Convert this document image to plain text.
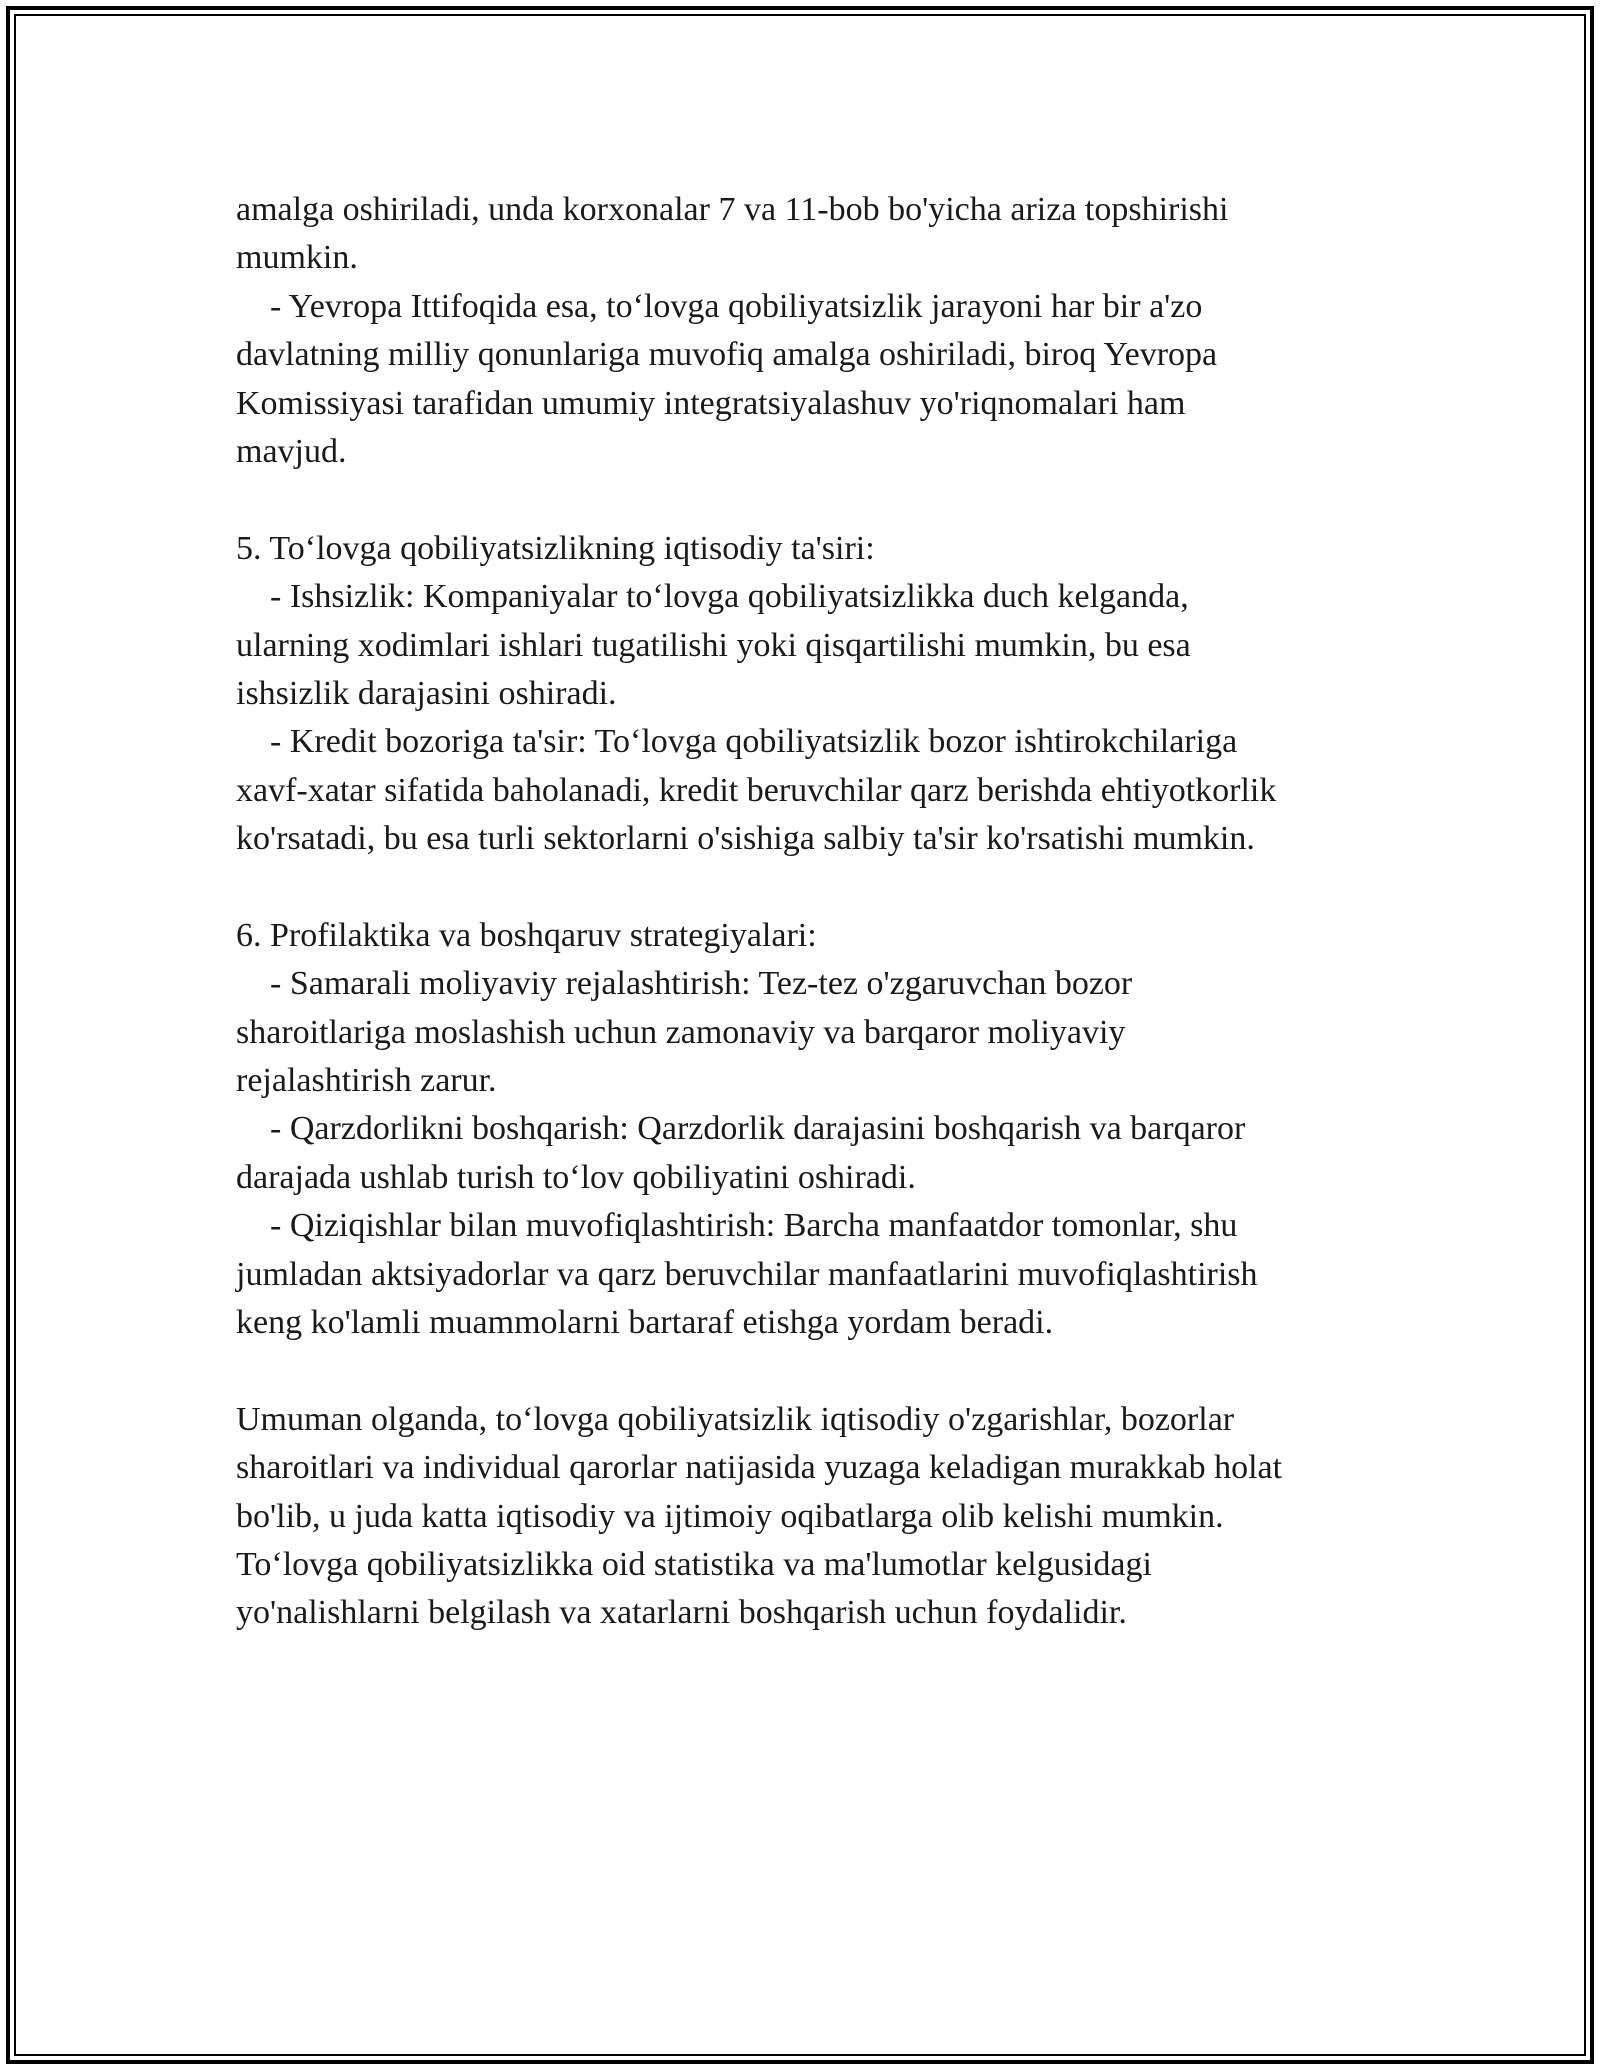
amalga oshiriladi, unda korxonalar 7 va 11-bob bo'yicha ariza topshirishi
mumkin.
- Yevropa Ittifoqida esa, to‘lovga qobiliyatsizlik jarayoni har bir a'zo
davlatning milliy qonunlariga muvofiq amalga oshiriladi, biroq Yevropa
Komissiyasi tarafidan umumiy integratsiyalashuv yo'riqnomalari ham
mavjud.
5. To‘lovga qobiliyatsizlikning iqtisodiy ta'siri:
- Ishsizlik: Kompaniyalar to‘lovga qobiliyatsizlikka duch kelganda,
ularning xodimlari ishlari tugatilishi yoki qisqartilishi mumkin, bu esa
ishsizlik darajasini oshiradi.
- Kredit bozoriga ta'sir: To‘lovga qobiliyatsizlik bozor ishtirokchilariga
xavf-xatar sifatida baholanadi, kredit beruvchilar qarz berishda ehtiyotkorlik
ko'rsatadi, bu esa turli sektorlarni o'sishiga salbiy ta'sir ko'rsatishi mumkin.
6. Profilaktika va boshqaruv strategiyalari:
- Samarali moliyaviy rejalashtirish: Tez-tez o'zgaruvchan bozor
sharoitlariga moslashish uchun zamonaviy va barqaror moliyaviy
rejalashtirish zarur.
- Qarzdorlikni boshqarish: Qarzdorlik darajasini boshqarish va barqaror
darajada ushlab turish to‘lov qobiliyatini oshiradi.
- Qiziqishlar bilan muvofiqlashtirish: Barcha manfaatdor tomonlar, shu
jumladan aktsiyadorlar va qarz beruvchilar manfaatlarini muvofiqlashtirish
keng ko'lamli muammolarni bartaraf etishga yordam beradi.
Umuman olganda, to‘lovga qobiliyatsizlik iqtisodiy o'zgarishlar, bozorlar
sharoitlari va individual qarorlar natijasida yuzaga keladigan murakkab holat
bo'lib, u juda katta iqtisodiy va ijtimoiy oqibatlarga olib kelishi mumkin.
To‘lovga qobiliyatsizlikka oid statistika va ma'lumotlar kelgusidagi
yo'nalishlarni belgilash va xatarlarni boshqarish uchun foydalidir.
